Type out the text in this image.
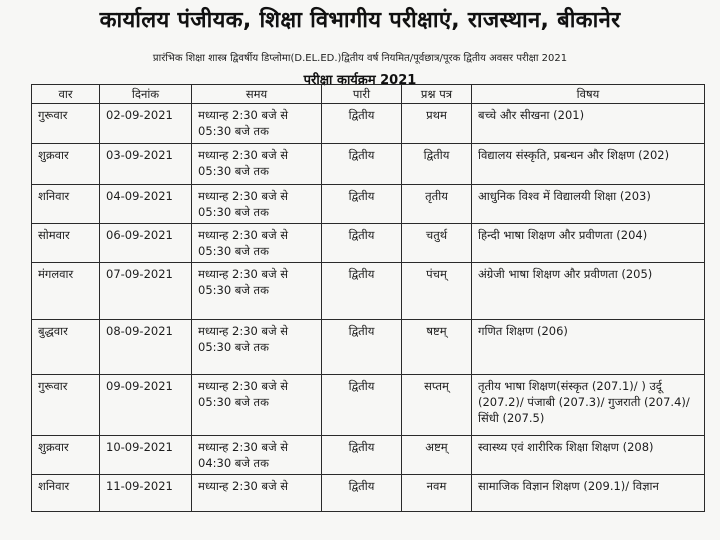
कार्यालय पंजीयक, शिक्षा विभागीय परीक्षाएं, राजस्थान, बीकानेर
प्रारंभिक शिक्षा शास्त्र द्विवर्षीय डिप्लोमा(D.EL.ED.)द्वितीय वर्ष नियमित/पूर्वछात्र/पूरक द्वितीय अवसर परीक्षा 2021
परीक्षा कार्यक्रम 2021
वार	दिनांक	समय	पारी	प्रश्न पत्र	विषय
गुरूवार	02-09-2021	मध्यान्ह 2:30 बजे से 05:30 बजे तक	द्वितीय	प्रथम	बच्चे और सीखना (201)
शुक्रवार	03-09-2021	मध्यान्ह 2:30 बजे से 05:30 बजे तक	द्वितीय	द्वितीय	विद्यालय संस्कृति, प्रबन्धन और शिक्षण (202)
शनिवार	04-09-2021	मध्यान्ह 2:30 बजे से 05:30 बजे तक	द्वितीय	तृतीय	आधुनिक विश्व में विद्यालयी शिक्षा (203)
सोमवार	06-09-2021	मध्यान्ह 2:30 बजे से 05:30 बजे तक	द्वितीय	चतुर्थ	हिन्दी भाषा शिक्षण और प्रवीणता (204)
मंगलवार	07-09-2021	मध्यान्ह 2:30 बजे से 05:30 बजे तक	द्वितीय	पंचम्	अंग्रेजी भाषा शिक्षण और प्रवीणता (205)
बुद्धवार	08-09-2021	मध्यान्ह 2:30 बजे से 05:30 बजे तक	द्वितीय	षष्टम्	गणित शिक्षण (206)
गुरूवार	09-09-2021	मध्यान्ह 2:30 बजे से 05:30 बजे तक	द्वितीय	सप्तम्	तृतीय भाषा शिक्षण(संस्कृत (207.1)/ ) उर्दू (207.2)/ पंजाबी (207.3)/ गुजराती (207.4)/ सिंधी (207.5)
शुक्रवार	10-09-2021	मध्यान्ह 2:30 बजे से 04:30 बजे तक	द्वितीय	अष्टम्	स्वास्थ्य एवं शारीरिक शिक्षा शिक्षण (208)
शनिवार	11-09-2021	मध्यान्ह 2:30 बजे से	द्वितीय	नवम	सामाजिक विज्ञान शिक्षण (209.1)/ विज्ञान
